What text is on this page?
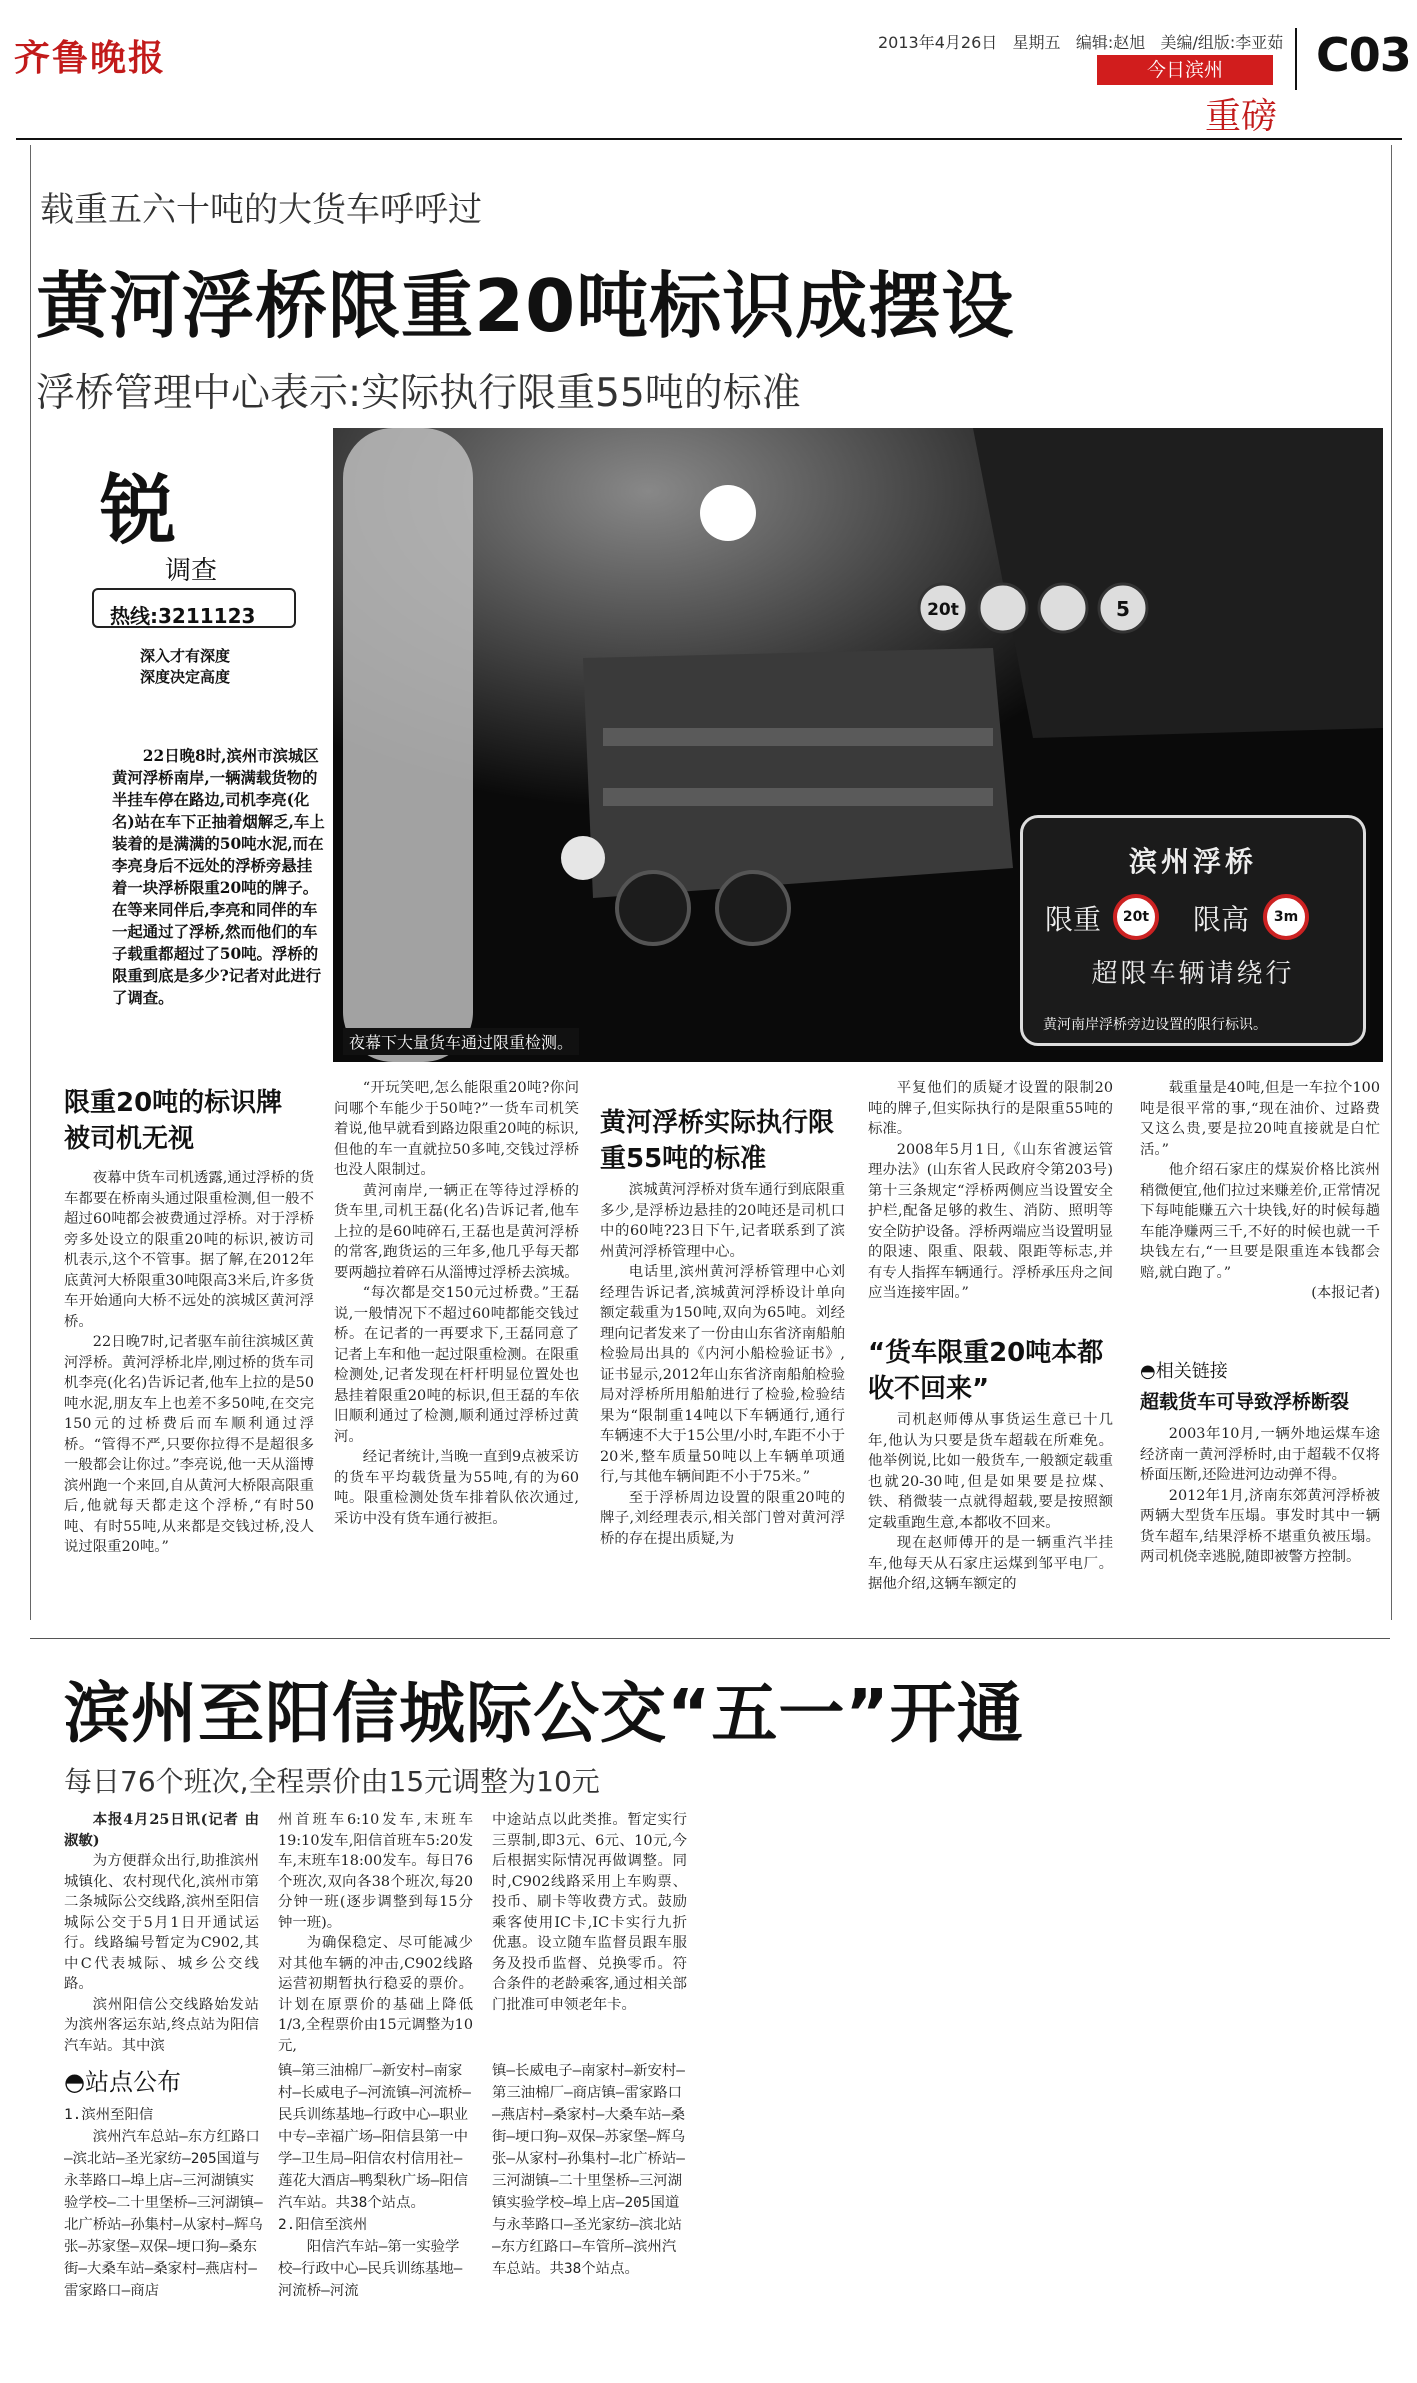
齐鲁晚报	2013年4月26日 星期五 编辑:赵旭 美编/组版:李亚茹
今日滨州
重磅
C03
载重五六十吨的大货车呼呼过
黄河浮桥限重20吨标识成摆设
浮桥管理中心表示:实际执行限重55吨的标准
20t	5
夜幕下大量货车通过限重检测。
滨州浮桥
限重	20t	限高	3m
超限车辆请绕行
黄河南岸浮桥旁边设置的限行标识。
锐
调查
热线:3211123
深入才有深度
深度决定高度

22日晚8时,滨州市滨城区黄河浮桥南岸,一辆满载货物的半挂车停在路边,司机李亮(化名)站在车下正抽着烟解乏,车上装着的是满满的50吨水泥,而在李亮身后不远处的浮桥旁悬挂着一块浮桥限重20吨的牌子。在等来同伴后,李亮和同伴的车一起通过了浮桥,然而他们的车子载重都超过了50吨。浮桥的限重到底是多少?记者对此进行了调查。

限重20吨的标识牌被司机无视

夜幕中货车司机透露,通过浮桥的货车都要在桥南头通过限重检测,但一般不超过60吨都会被费通过浮桥。对于浮桥旁多处设立的限重20吨的标识,被访司机表示,这个不管事。据了解,在2012年底黄河大桥限重30吨限高3米后,许多货车开始通向大桥不远处的滨城区黄河浮桥。

22日晚7时,记者驱车前往滨城区黄河浮桥。黄河浮桥北岸,刚过桥的货车司机李亮(化名)告诉记者,他车上拉的是50吨水泥,朋友车上也差不多50吨,在交完150元的过桥费后而车顺利通过浮桥。“管得不严,只要你拉得不是超很多一般都会让你过。”李亮说,他一天从淄博滨州跑一个来回,自从黄河大桥限高限重后,他就每天都走这个浮桥,“有时50吨、有时55吨,从来都是交钱过桥,没人说过限重20吨。”

“开玩笑吧,怎么能限重20吨?你问问哪个车能少于50吨?”一货车司机笑着说,他早就看到路边限重20吨的标识,但他的车一直就拉50多吨,交钱过浮桥也没人限制过。

黄河南岸,一辆正在等待过浮桥的货车里,司机王磊(化名)告诉记者,他车上拉的是60吨碎石,王磊也是黄河浮桥的常客,跑货运的三年多,他几乎每天都要两趟拉着碎石从淄博过浮桥去滨城。

“每次都是交150元过桥费。”王磊说,一般情况下不超过60吨都能交钱过桥。在记者的一再要求下,王磊同意了记者上车和他一起过限重检测。在限重检测处,记者发现在杆杆明显位置处也悬挂着限重20吨的标识,但王磊的车依旧顺利通过了检测,顺利通过浮桥过黄河。

经记者统计,当晚一直到9点被采访的货车平均载货量为55吨,有的为60吨。限重检测处货车排着队依次通过,采访中没有货车通行被拒。

黄河浮桥实际执行限重55吨的标准

滨城黄河浮桥对货车通行到底限重多少,是浮桥边悬挂的20吨还是司机口中的60吨?23日下午,记者联系到了滨州黄河浮桥管理中心。

电话里,滨州黄河浮桥管理中心刘经理告诉记者,滨城黄河浮桥设计单向额定载重为150吨,双向为65吨。刘经理向记者发来了一份由山东省济南船舶检验局出具的《内河小船检验证书》,证书显示,2012年山东省济南船舶检验局对浮桥所用船舶进行了检验,检验结果为“限制重14吨以下车辆通行,通行车辆速不大于15公里/小时,车距不小于20米,整车质量50吨以上车辆单项通行,与其他车辆间距不小于75米。”

至于浮桥周边设置的限重20吨的牌子,刘经理表示,相关部门曾对黄河浮桥的存在提出质疑,为

平复他们的质疑才设置的限制20吨的牌子,但实际执行的是限重55吨的标准。

2008年5月1日,《山东省渡运管理办法》(山东省人民政府令第203号)第十三条规定“浮桥两侧应当设置安全护栏,配备足够的救生、消防、照明等安全防护设备。浮桥两端应当设置明显的限速、限重、限载、限距等标志,并有专人指挥车辆通行。浮桥承压舟之间应当连接牢固。”

“货车限重20吨本都收不回来”

司机赵师傅从事货运生意已十几年,他认为只要是货车超载在所难免。他举例说,比如一般货车,一般额定载重也就20-30吨,但是如果要是拉煤、铁、稍微装一点就得超载,要是按照额定载重跑生意,本都收不回来。

现在赵师傅开的是一辆重汽半挂车,他每天从石家庄运煤到邹平电厂。据他介绍,这辆车额定的

载重量是40吨,但是一车拉个100吨是很平常的事,“现在油价、过路费又这么贵,要是拉20吨直接就是白忙活。”

他介绍石家庄的煤炭价格比滨州稍微便宜,他们拉过来赚差价,正常情况下每吨能赚五六十块钱,好的时候每趟车能净赚两三千,不好的时候也就一千块钱左右,“一旦要是限重连本钱都会赔,就白跑了。”

(本报记者)

◓相关链接
超载货车可导致浮桥断裂

2003年10月,一辆外地运煤车途经济南一黄河浮桥时,由于超载不仅将桥面压断,还险进河边动弹不得。

2012年1月,济南东郊黄河浮桥被两辆大型货车压塌。事发时其中一辆货车超车,结果浮桥不堪重负被压塌。两司机侥幸逃脱,随即被警方控制。

滨州至阳信城际公交“五一”开通
每日76个班次,全程票价由15元调整为10元

本报4月25日讯(记者 由淑敏)

为方便群众出行,助推滨州城镇化、农村现代化,滨州市第二条城际公交线路,滨州至阳信城际公交于5月1日开通试运行。线路编号暂定为C902,其中C代表城际、城乡公交线路。

滨州阳信公交线路始发站为滨州客运东站,终点站为阳信汽车站。其中滨

州首班车6:10发车,末班车19:10发车,阳信首班车5:20发车,末班车18:00发车。每日76个班次,双向各38个班次,每20分钟一班(逐步调整到每15分钟一班)。

为确保稳定、尽可能减少对其他车辆的冲击,C902线路运营初期暂执行稳妥的票价。计划在原票价的基础上降低1/3,全程票价由15元调整为10元,

中途站点以此类推。暂定实行三票制,即3元、6元、10元,今后根据实际情况再做调整。同时,C902线路采用上车购票、投币、刷卡等收费方式。鼓励乘客使用IC卡,IC卡实行九折优惠。设立随车监督员跟车服务及投币监督、兑换零币。符合条件的老龄乘客,通过相关部门批准可申领老年卡。

◓站点公布
1.滨州至阳信
滨州汽车总站—东方红路口—滨北站—圣光家纺—205国道与永莘路口—埠上店—三河湖镇实验学校—二十里堡桥—三河湖镇—北广桥站—孙集村—从家村—辉乌张—苏家堡—双保—埂口狗—桑东街—大桑车站—桑家村—燕店村—雷家路口—商店
镇—第三油棉厂—新安村—南家村—长威电子—河流镇—河流桥—民兵训练基地—行政中心—职业中专—幸福广场—阳信县第一中学—卫生局—阳信农村信用社—莲花大酒店—鸭梨秋广场—阳信汽车站。共38个站点。
2.阳信至滨州
阳信汽车站—第一实验学校—行政中心—民兵训练基地—河流桥—河流
镇—长威电子—南家村—新安村—第三油棉厂—商店镇—雷家路口—燕店村—桑家村—大桑车站—桑街—埂口狗—双保—苏家堡—辉乌张—从家村—孙集村—北广桥站—三河湖镇—二十里堡桥—三河湖镇实验学校—埠上店—205国道与永莘路口—圣光家纺—滨北站—东方红路口—车管所—滨州汽车总站。共38个站点。
